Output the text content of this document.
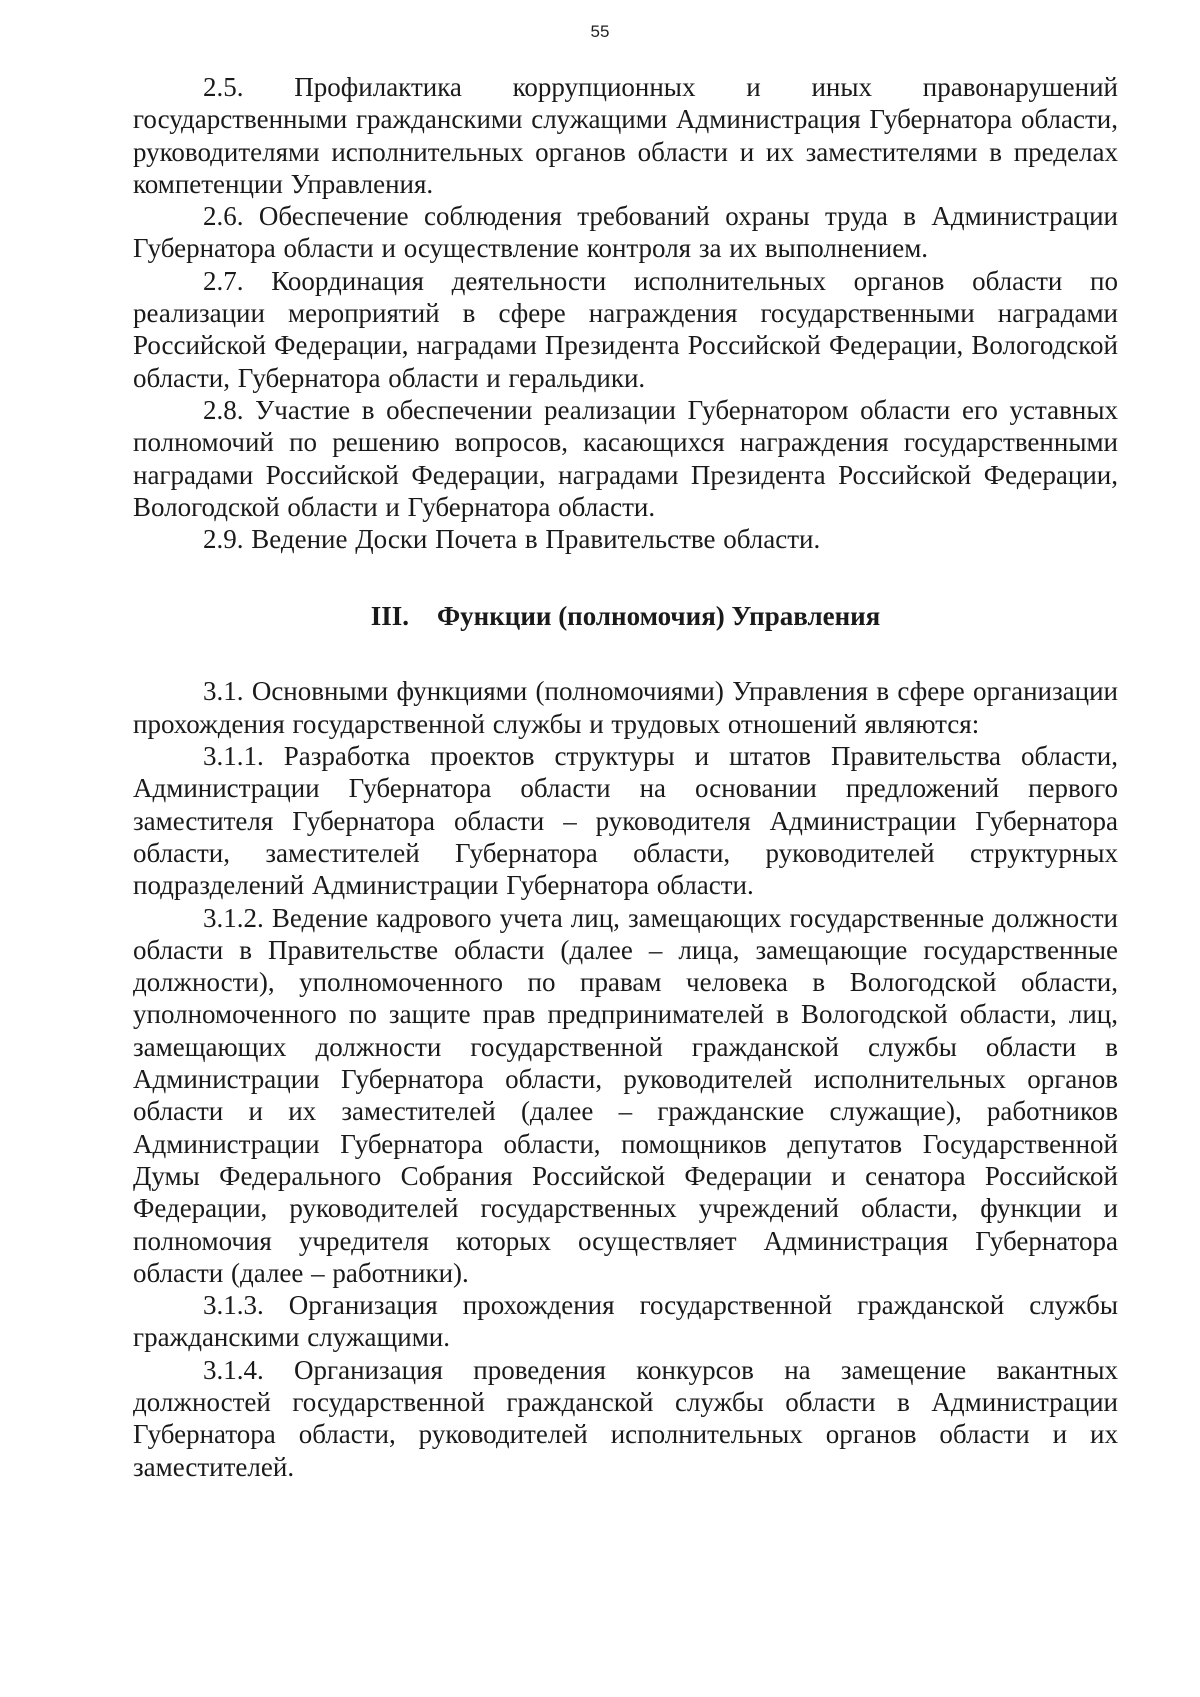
55

2.5. Профилактика коррупционных и иных правонарушений государственными гражданскими служащими Администрация Губернатора области, руководителями исполнительных органов области и их заместителями в пределах компетенции Управления.

2.6. Обеспечение соблюдения требований охраны труда в Администрации Губернатора области и осуществление контроля за их выполнением.

2.7. Координация деятельности исполнительных органов области по реализации мероприятий в сфере награждения государственными наградами Российской Федерации, наградами Президента Российской Федерации, Вологодской области, Губернатора области и геральдики.

2.8. Участие в обеспечении реализации Губернатором области его уставных полномочий по решению вопросов, касающихся награждения государственными наградами Российской Федерации, наградами Президента Российской Федерации, Вологодской области и Губернатора области.

2.9. Ведение Доски Почета в Правительстве области.

III. Функции (полномочия) Управления

3.1. Основными функциями (полномочиями) Управления в сфере организации прохождения государственной службы и трудовых отношений являются:

3.1.1. Разработка проектов структуры и штатов Правительства области, Администрации Губернатора области на основании предложений первого заместителя Губернатора области – руководителя Администрации Губернатора области, заместителей Губернатора области, руководителей структурных подразделений Администрации Губернатора области.

3.1.2. Ведение кадрового учета лиц, замещающих государственные должности области в Правительстве области (далее – лица, замещающие государственные должности), уполномоченного по правам человека в Вологодской области, уполномоченного по защите прав предпринимателей в Вологодской области, лиц, замещающих должности государственной гражданской службы области в Администрации Губернатора области, руководителей исполнительных органов области и их заместителей (далее – гражданские служащие), работников Администрации Губернатора области, помощников депутатов Государственной Думы Федерального Собрания Российской Федерации и сенатора Российской Федерации, руководителей государственных учреждений области, функции и полномочия учредителя которых осуществляет Администрация Губернатора области (далее – работники).

3.1.3. Организация прохождения государственной гражданской службы гражданскими служащими.

3.1.4. Организация проведения конкурсов на замещение вакантных должностей государственной гражданской службы области в Администрации Губернатора области, руководителей исполнительных органов области и их заместителей.
